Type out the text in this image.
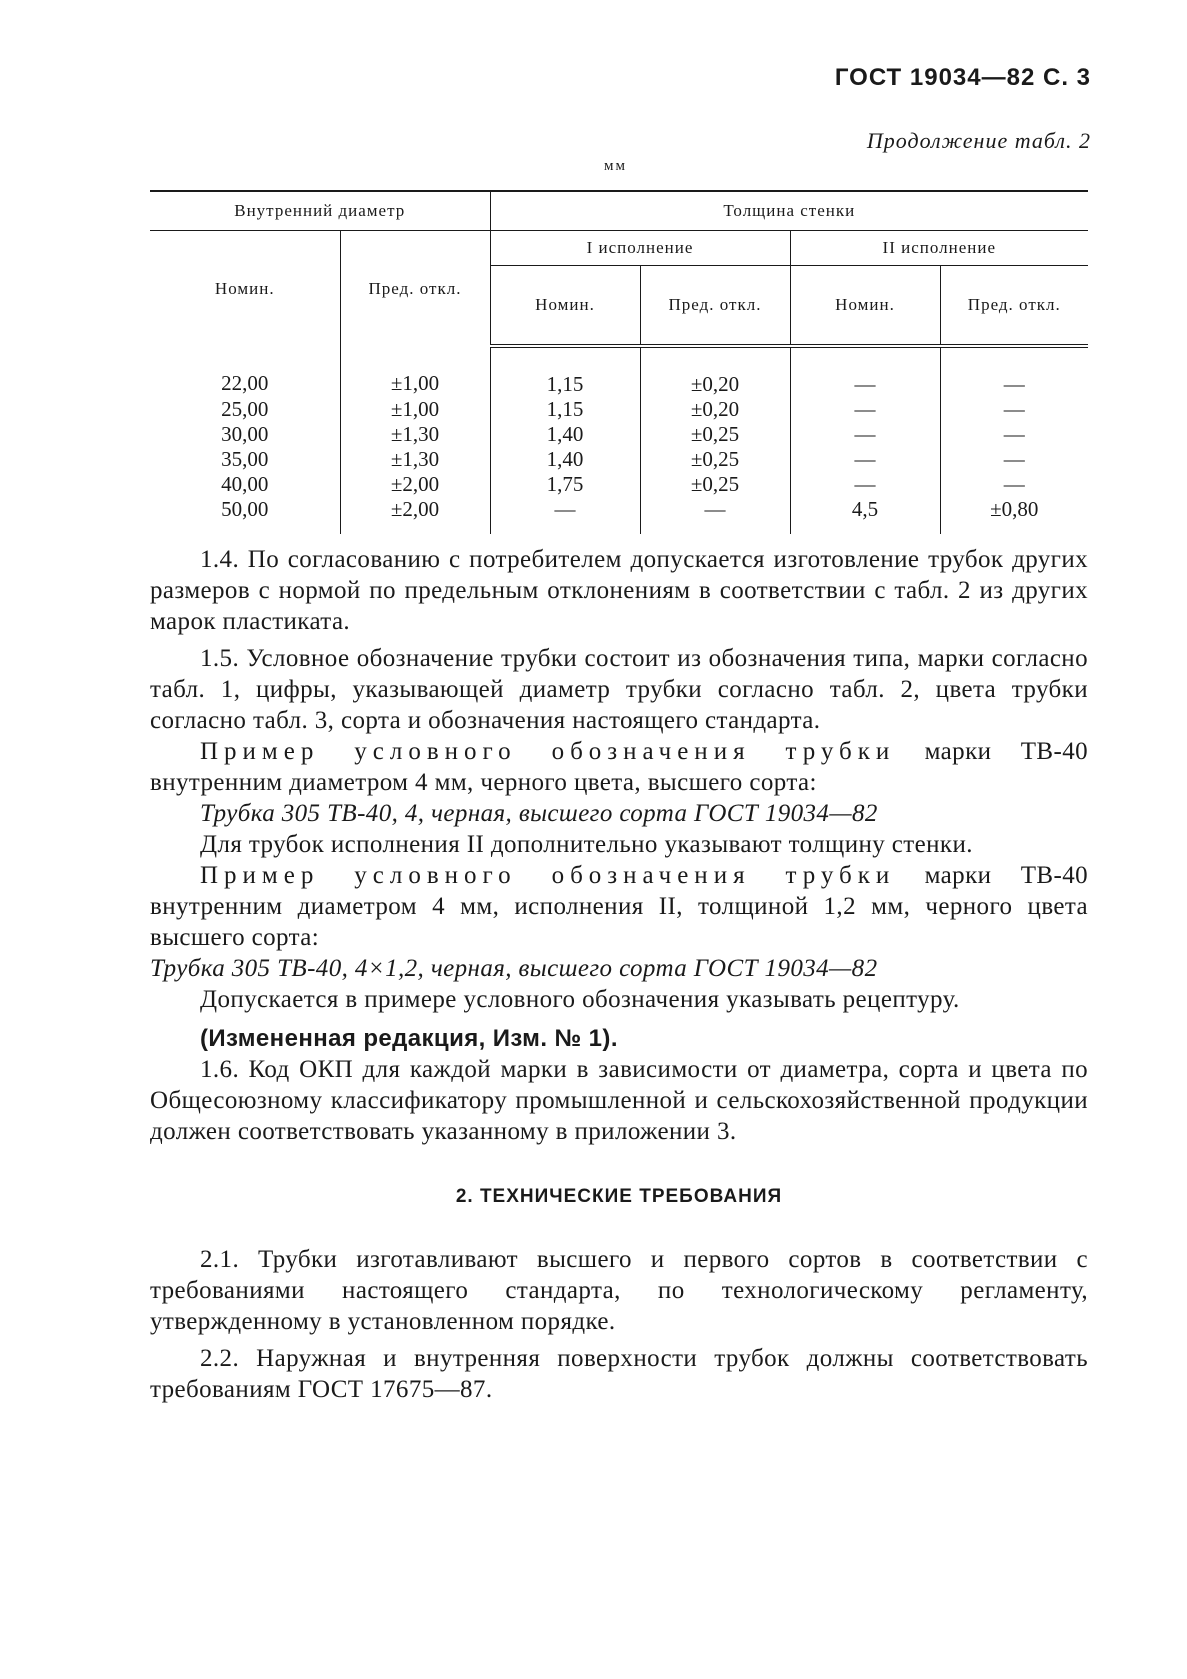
ГОСТ 19034—82 С. 3
Продолжение табл. 2
мм
Внутренний диаметр		Толщина стенки			
Номин.	Пред. откл.	I исполнение		II исполнение	
		Номин.	Пред. откл.	Номин.	Пред. откл.
22,00	±1,00	1,15	±0,20	—	—
25,00	±1,00	1,15	±0,20	—	—
30,00	±1,30	1,40	±0,25	—	—
35,00	±1,30	1,40	±0,25	—	—
40,00	±2,00	1,75	±0,25	—	—
50,00	±2,00	—	—	4,5	±0,80

1.4. По согласованию с потребителем допускается изготовление трубок других размеров с нормой по предельным отклонениям в соответствии с табл. 2 из других марок пластиката.

1.5. Условное обозначение трубки состоит из обозначения типа, марки согласно табл. 1, цифры, указывающей диаметр трубки согласно табл. 2, цвета трубки согласно табл. 3, сорта и обозначения настоящего стандарта.

Пример условного обозначения трубки марки ТВ-40 внутренним диаметром 4 мм, черного цвета, высшего сорта:

Трубка 305 ТВ-40, 4, черная, высшего сорта ГОСТ 19034—82

Для трубок исполнения II дополнительно указывают толщину стенки.

Пример условного обозначения трубки марки ТВ-40 внутренним диаметром 4 мм, исполнения II, толщиной 1,2 мм, черного цвета высшего сорта:

Трубка 305 ТВ-40, 4×1,2, черная, высшего сорта ГОСТ 19034—82

Допускается в примере условного обозначения указывать рецептуру.

(Измененная редакция, Изм. № 1).

1.6. Код ОКП для каждой марки в зависимости от диаметра, сорта и цвета по Общесоюзному классификатору промышленной и сельскохозяйственной продукции должен соответствовать указанному в приложении 3.

2. ТЕХНИЧЕСКИЕ ТРЕБОВАНИЯ

2.1. Трубки изготавливают высшего и первого сортов в соответствии с требованиями настоящего стандарта, по технологическому регламенту, утвержденному в установленном порядке.

2.2. Наружная и внутренняя поверхности трубок должны соответствовать требованиям ГОСТ 17675—87.
